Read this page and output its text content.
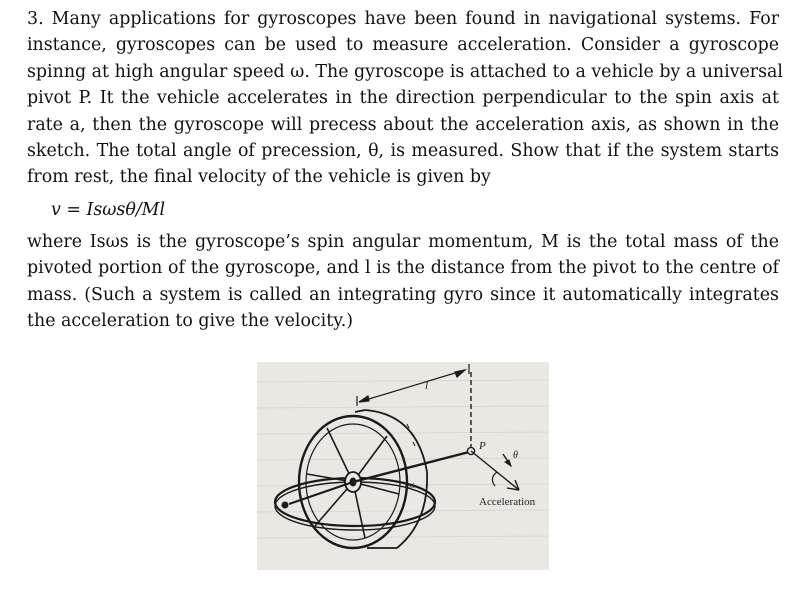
3. Many applications for gyroscopes have been found in navigational systems. For
instance, gyroscopes can be used to measure acceleration. Consider a gyroscope
spinng at high angular speed ω. The gyroscope is attached to a vehicle by a universal
pivot P. It the vehicle accelerates in the direction perpendicular to the spin axis at
rate a, then the gyroscope will precess about the acceleration axis, as shown in the
sketch. The total angle of precession, θ, is measured. Show that if the system starts
from rest, the final velocity of the vehicle is given by

v = Isωsθ/Ml

where Isωs is the gyroscope’s spin angular momentum, M is the total mass of the
pivoted portion of the gyroscope, and l is the distance from the pivot to the centre of
mass. (Such a system is called an integrating gyro since it automatically integrates
the acceleration to give the velocity.)

l
P
θ
ωs
Acceleration
